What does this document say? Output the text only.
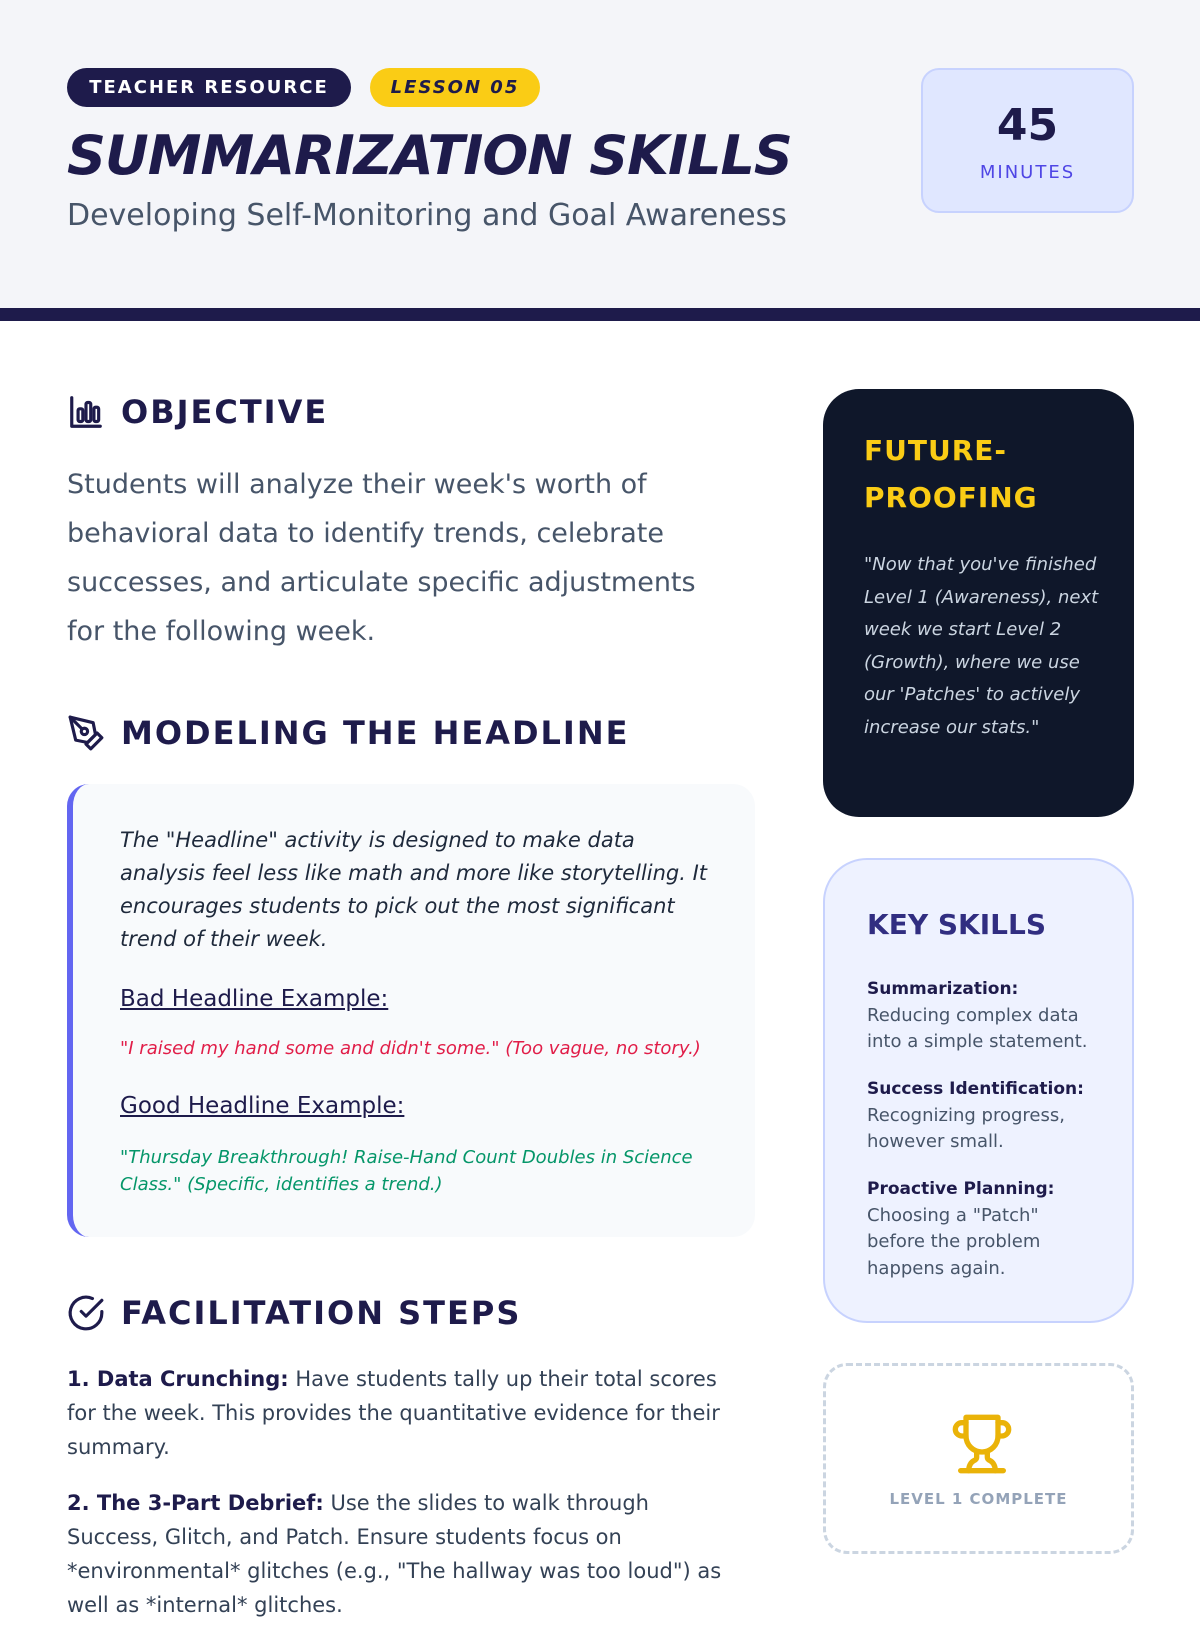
TEACHER RESOURCE	LESSON 05
SUMMARIZATION SKILLS
Developing Self-Monitoring and Goal Awareness
45
MINUTES
OBJECTIVE

Students will analyze their week's worth of behavioral data to identify trends, celebrate successes, and articulate specific adjustments for the following week.

MODELING THE HEADLINE

The "Headline" activity is designed to make data analysis feel less like math and more like storytelling. It encourages students to pick out the most significant trend of their week.

Bad Headline Example:

"I raised my hand some and didn't some." (Too vague, no story.)

Good Headline Example:

"Thursday Breakthrough! Raise-Hand Count Doubles in Science Class." (Specific, identifies a trend.)

FACILITATION STEPS

1. Data Crunching: Have students tally up their total scores for the week. This provides the quantitative evidence for their summary.

2. The 3-Part Debrief: Use the slides to walk through Success, Glitch, and Patch. Ensure students focus on *environmental* glitches (e.g., "The hallway was too loud") as well as *internal* glitches.

FUTURE-PROOFING

"Now that you've finished Level 1 (Awareness), next week we start Level 2 (Growth), where we use our 'Patches' to actively increase our stats."

KEY SKILLS
Summarization:
Reducing complex data into a simple statement.
Success Identification:
Recognizing progress, however small.
Proactive Planning:
Choosing a "Patch" before the problem happens again.
LEVEL 1 COMPLETE
